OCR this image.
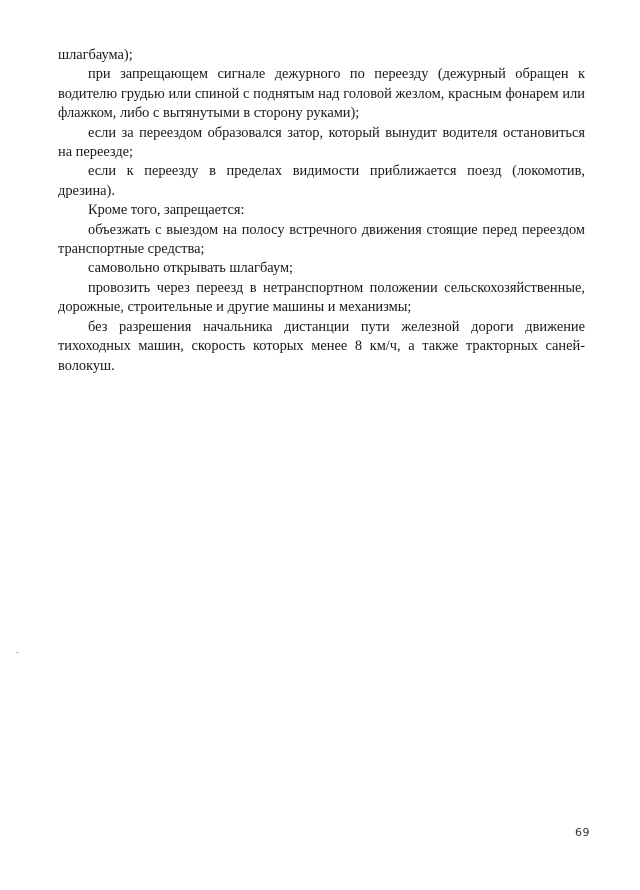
шлагбаума);

при запрещающем сигнале дежурного по переезду (дежурный обращен к водителю грудью или спиной с поднятым над головой жезлом, красным фонарем или флажком, либо с вытянутыми в сторону руками);

если за переездом образовался затор, который вынудит водителя остановиться на переезде;

если к переезду в пределах видимости приближается поезд (локомотив, дрезина).

Кроме того, запрещается:

объезжать с выездом на полосу встречного движения стоящие перед переездом транспортные средства;

самовольно открывать шлагбаум;

провозить через переезд в нетранспортном положении сельскохозяйственные, дорожные, строительные и другие машины и механизмы;

без разрешения начальника дистанции пути железной дороги движение тихоходных машин, скорость которых менее 8 км/ч, а также тракторных саней-волокуш.

69
